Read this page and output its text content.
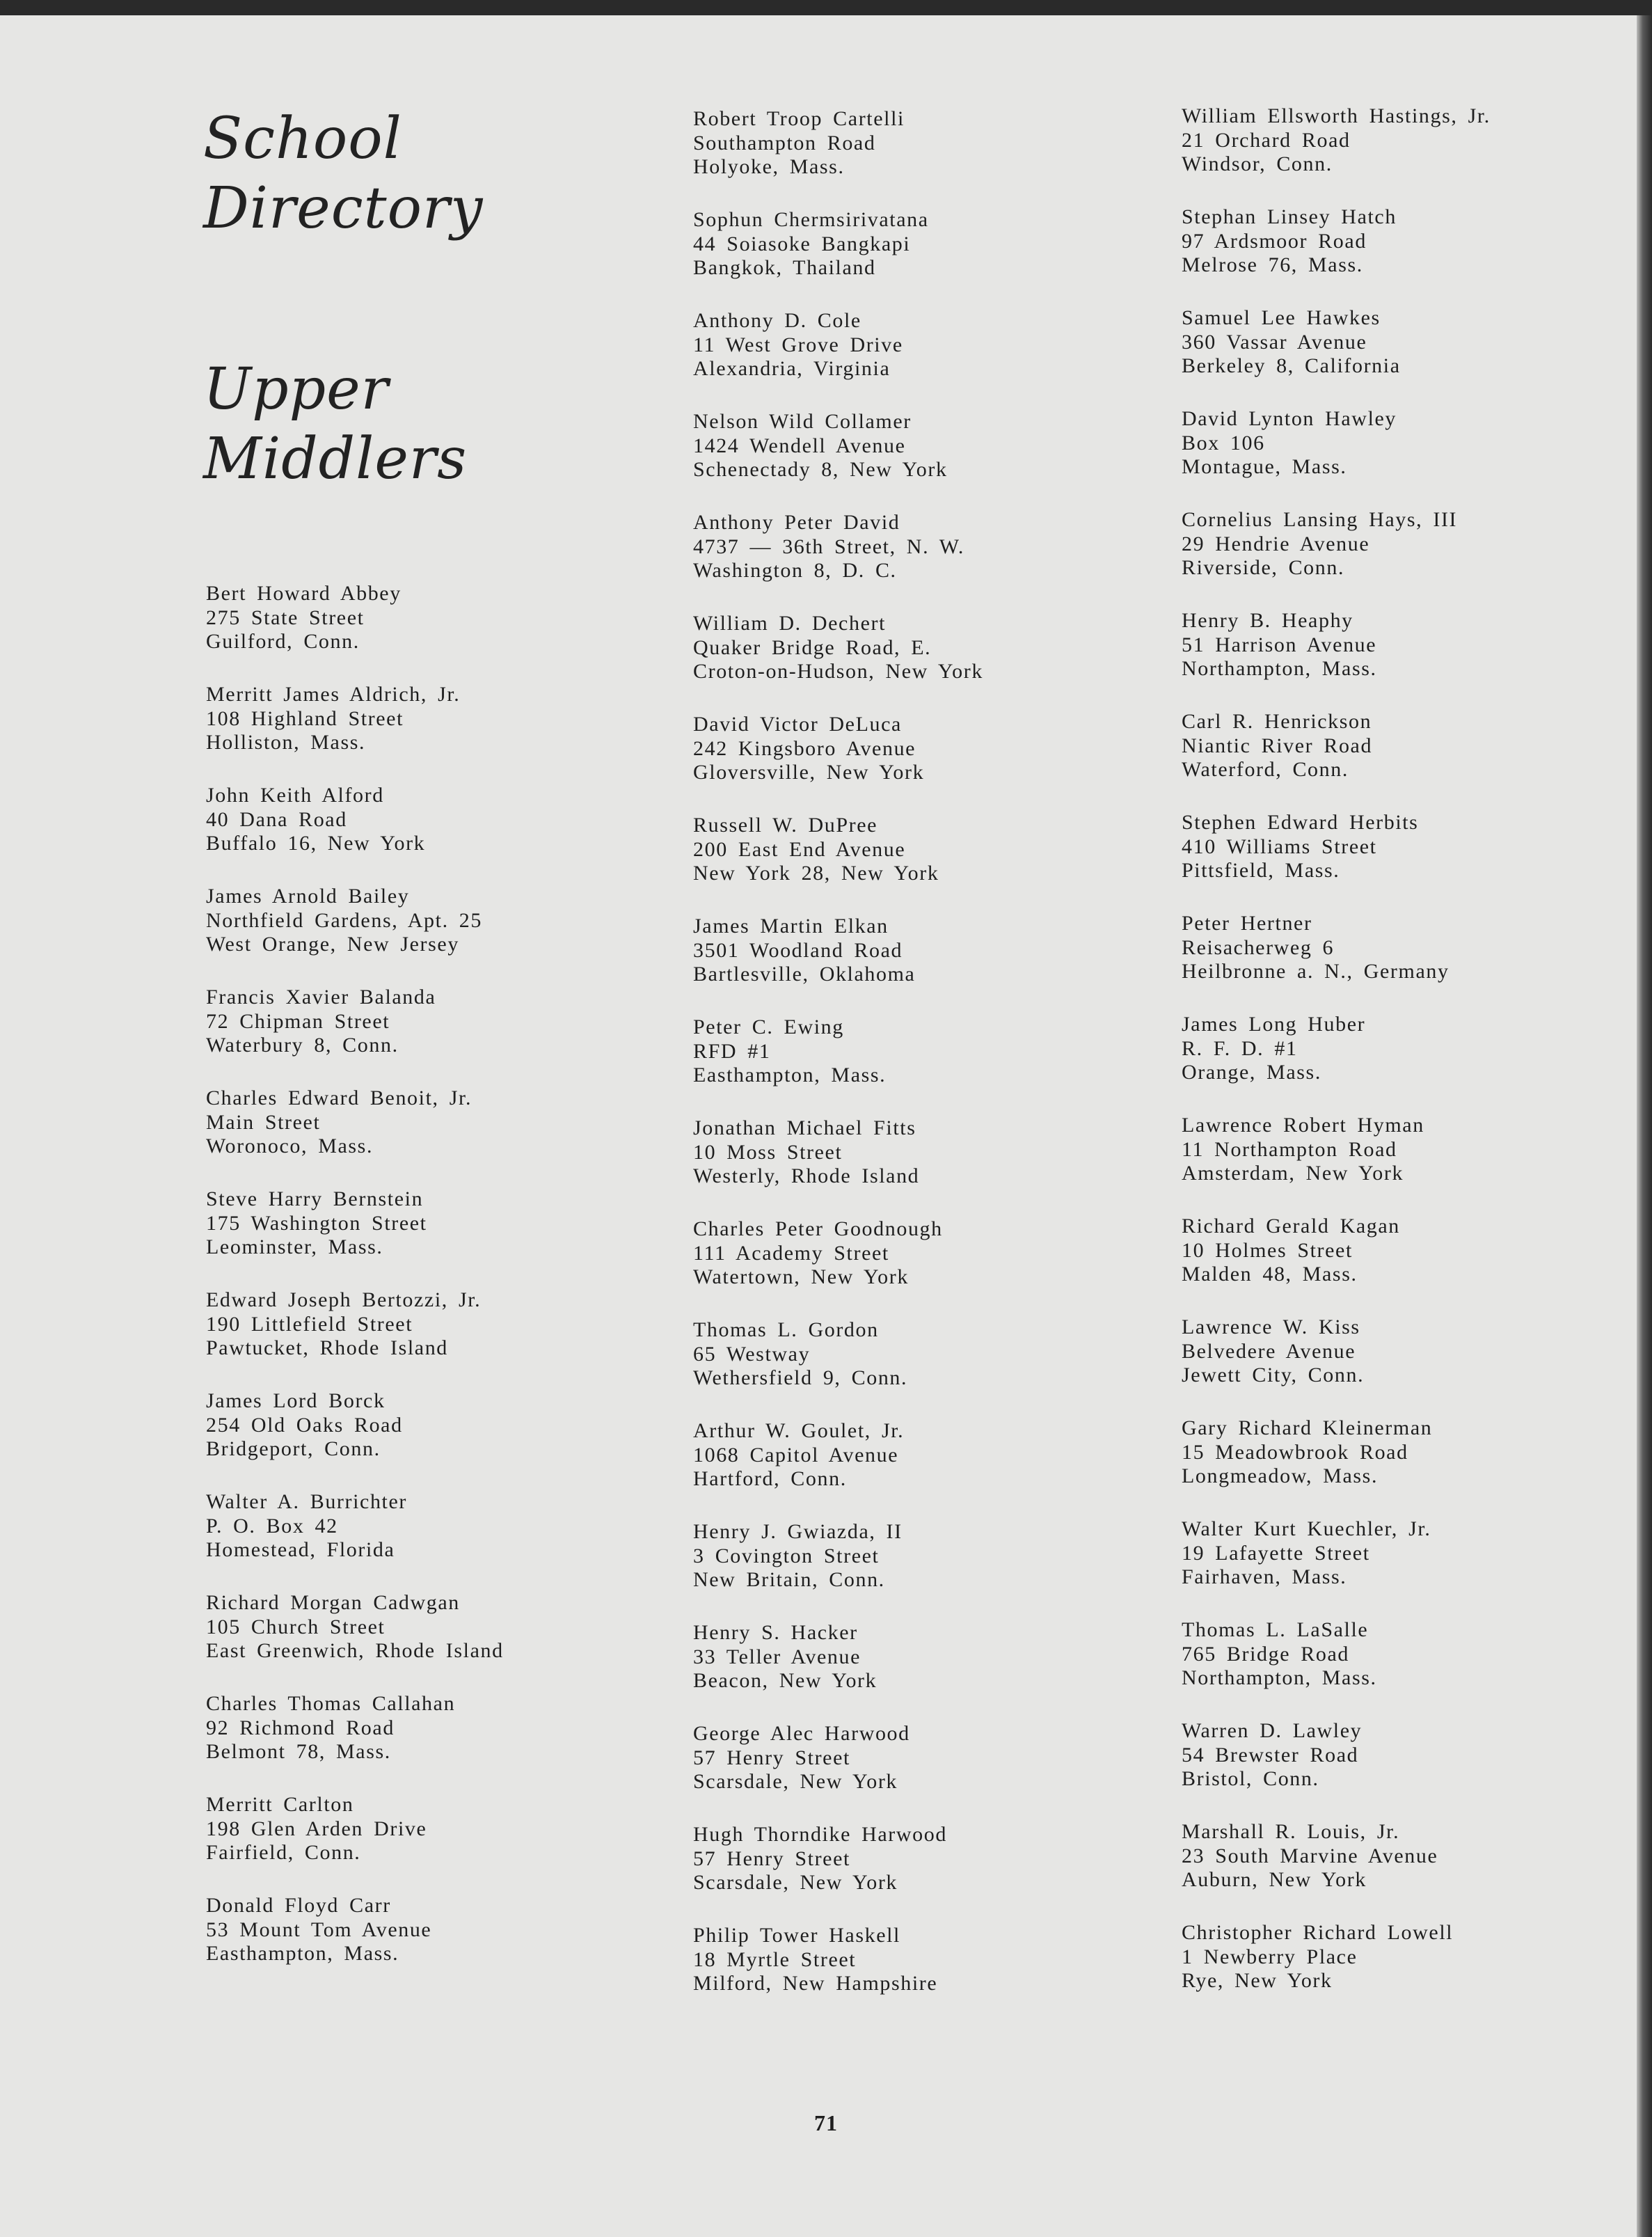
School
Directory
Upper
Middlers
Bert Howard Abbey
275 State Street
Guilford, Conn.
Merritt James Aldrich, Jr.
108 Highland Street
Holliston, Mass.
John Keith Alford
40 Dana Road
Buffalo 16, New York
James Arnold Bailey
Northfield Gardens, Apt. 25
West Orange, New Jersey
Francis Xavier Balanda
72 Chipman Street
Waterbury 8, Conn.
Charles Edward Benoit, Jr.
Main Street
Woronoco, Mass.
Steve Harry Bernstein
175 Washington Street
Leominster, Mass.
Edward Joseph Bertozzi, Jr.
190 Littlefield Street
Pawtucket, Rhode Island
James Lord Borck
254 Old Oaks Road
Bridgeport, Conn.
Walter A. Burrichter
P. O. Box 42
Homestead, Florida
Richard Morgan Cadwgan
105 Church Street
East Greenwich, Rhode Island
Charles Thomas Callahan
92 Richmond Road
Belmont 78, Mass.
Merritt Carlton
198 Glen Arden Drive
Fairfield, Conn.
Donald Floyd Carr
53 Mount Tom Avenue
Easthampton, Mass.
Robert Troop Cartelli
Southampton Road
Holyoke, Mass.
Sophun Chermsirivatana
44 Soiasoke Bangkapi
Bangkok, Thailand
Anthony D. Cole
11 West Grove Drive
Alexandria, Virginia
Nelson Wild Collamer
1424 Wendell Avenue
Schenectady 8, New York
Anthony Peter David
4737 — 36th Street, N. W.
Washington 8, D. C.
William D. Dechert
Quaker Bridge Road, E.
Croton-on-Hudson, New York
David Victor DeLuca
242 Kingsboro Avenue
Gloversville, New York
Russell W. DuPree
200 East End Avenue
New York 28, New York
James Martin Elkan
3501 Woodland Road
Bartlesville, Oklahoma
Peter C. Ewing
RFD #1
Easthampton, Mass.
Jonathan Michael Fitts
10 Moss Street
Westerly, Rhode Island
Charles Peter Goodnough
111 Academy Street
Watertown, New York
Thomas L. Gordon
65 Westway
Wethersfield 9, Conn.
Arthur W. Goulet, Jr.
1068 Capitol Avenue
Hartford, Conn.
Henry J. Gwiazda, II
3 Covington Street
New Britain, Conn.
Henry S. Hacker
33 Teller Avenue
Beacon, New York
George Alec Harwood
57 Henry Street
Scarsdale, New York
Hugh Thorndike Harwood
57 Henry Street
Scarsdale, New York
Philip Tower Haskell
18 Myrtle Street
Milford, New Hampshire
William Ellsworth Hastings, Jr.
21 Orchard Road
Windsor, Conn.
Stephan Linsey Hatch
97 Ardsmoor Road
Melrose 76, Mass.
Samuel Lee Hawkes
360 Vassar Avenue
Berkeley 8, California
David Lynton Hawley
Box 106
Montague, Mass.
Cornelius Lansing Hays, III
29 Hendrie Avenue
Riverside, Conn.
Henry B. Heaphy
51 Harrison Avenue
Northampton, Mass.
Carl R. Henrickson
Niantic River Road
Waterford, Conn.
Stephen Edward Herbits
410 Williams Street
Pittsfield, Mass.
Peter Hertner
Reisacherweg 6
Heilbronne a. N., Germany
James Long Huber
R. F. D. #1
Orange, Mass.
Lawrence Robert Hyman
11 Northampton Road
Amsterdam, New York
Richard Gerald Kagan
10 Holmes Street
Malden 48, Mass.
Lawrence W. Kiss
Belvedere Avenue
Jewett City, Conn.
Gary Richard Kleinerman
15 Meadowbrook Road
Longmeadow, Mass.
Walter Kurt Kuechler, Jr.
19 Lafayette Street
Fairhaven, Mass.
Thomas L. LaSalle
765 Bridge Road
Northampton, Mass.
Warren D. Lawley
54 Brewster Road
Bristol, Conn.
Marshall R. Louis, Jr.
23 South Marvine Avenue
Auburn, New York
Christopher Richard Lowell
1 Newberry Place
Rye, New York
71
